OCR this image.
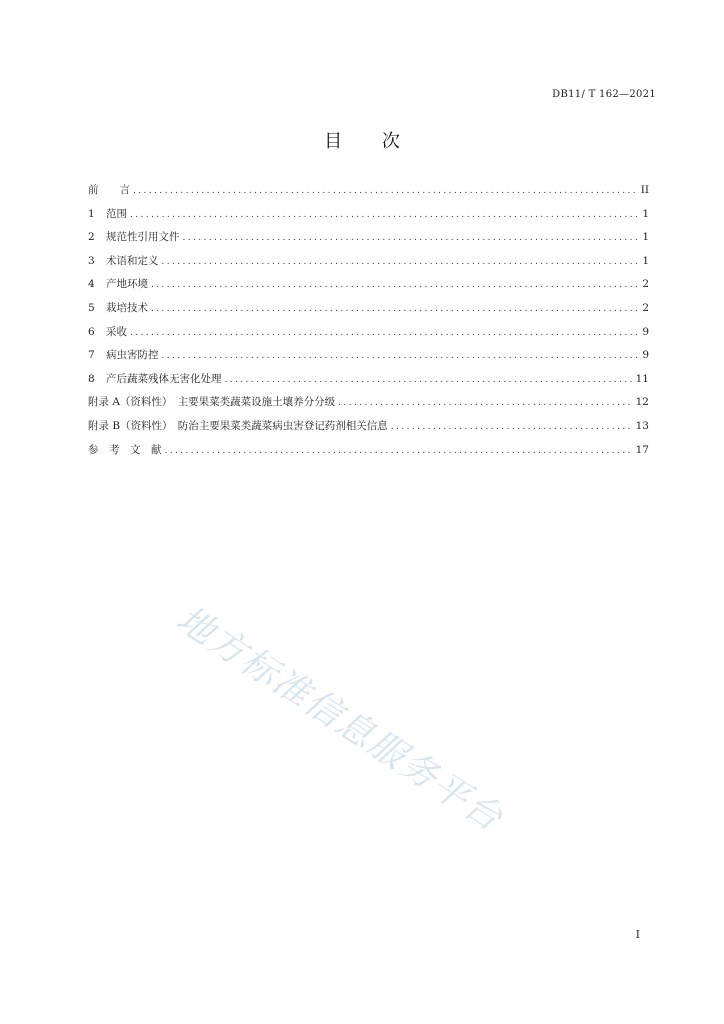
DB11/ T 162—2021
目 次
前　　言 .....	II
1	范围 .....	1
2	规范性引用文件 .....	1
3	术语和定义 .....	1
4	产地环境 .....	2
5	栽培技术 .....	2
6	采收 .....	9
7	病虫害防控 .....	9
8	产后蔬菜残体无害化处理 .....	11
附录 A（资料性）　主要果菜类蔬菜设施土壤养分分级 .....	12
附录 B（资料性）　防治主要果菜类蔬菜病虫害登记药剂相关信息 .....	13
参　考　文　献 .....	17
地方标准信息服务平台
I
